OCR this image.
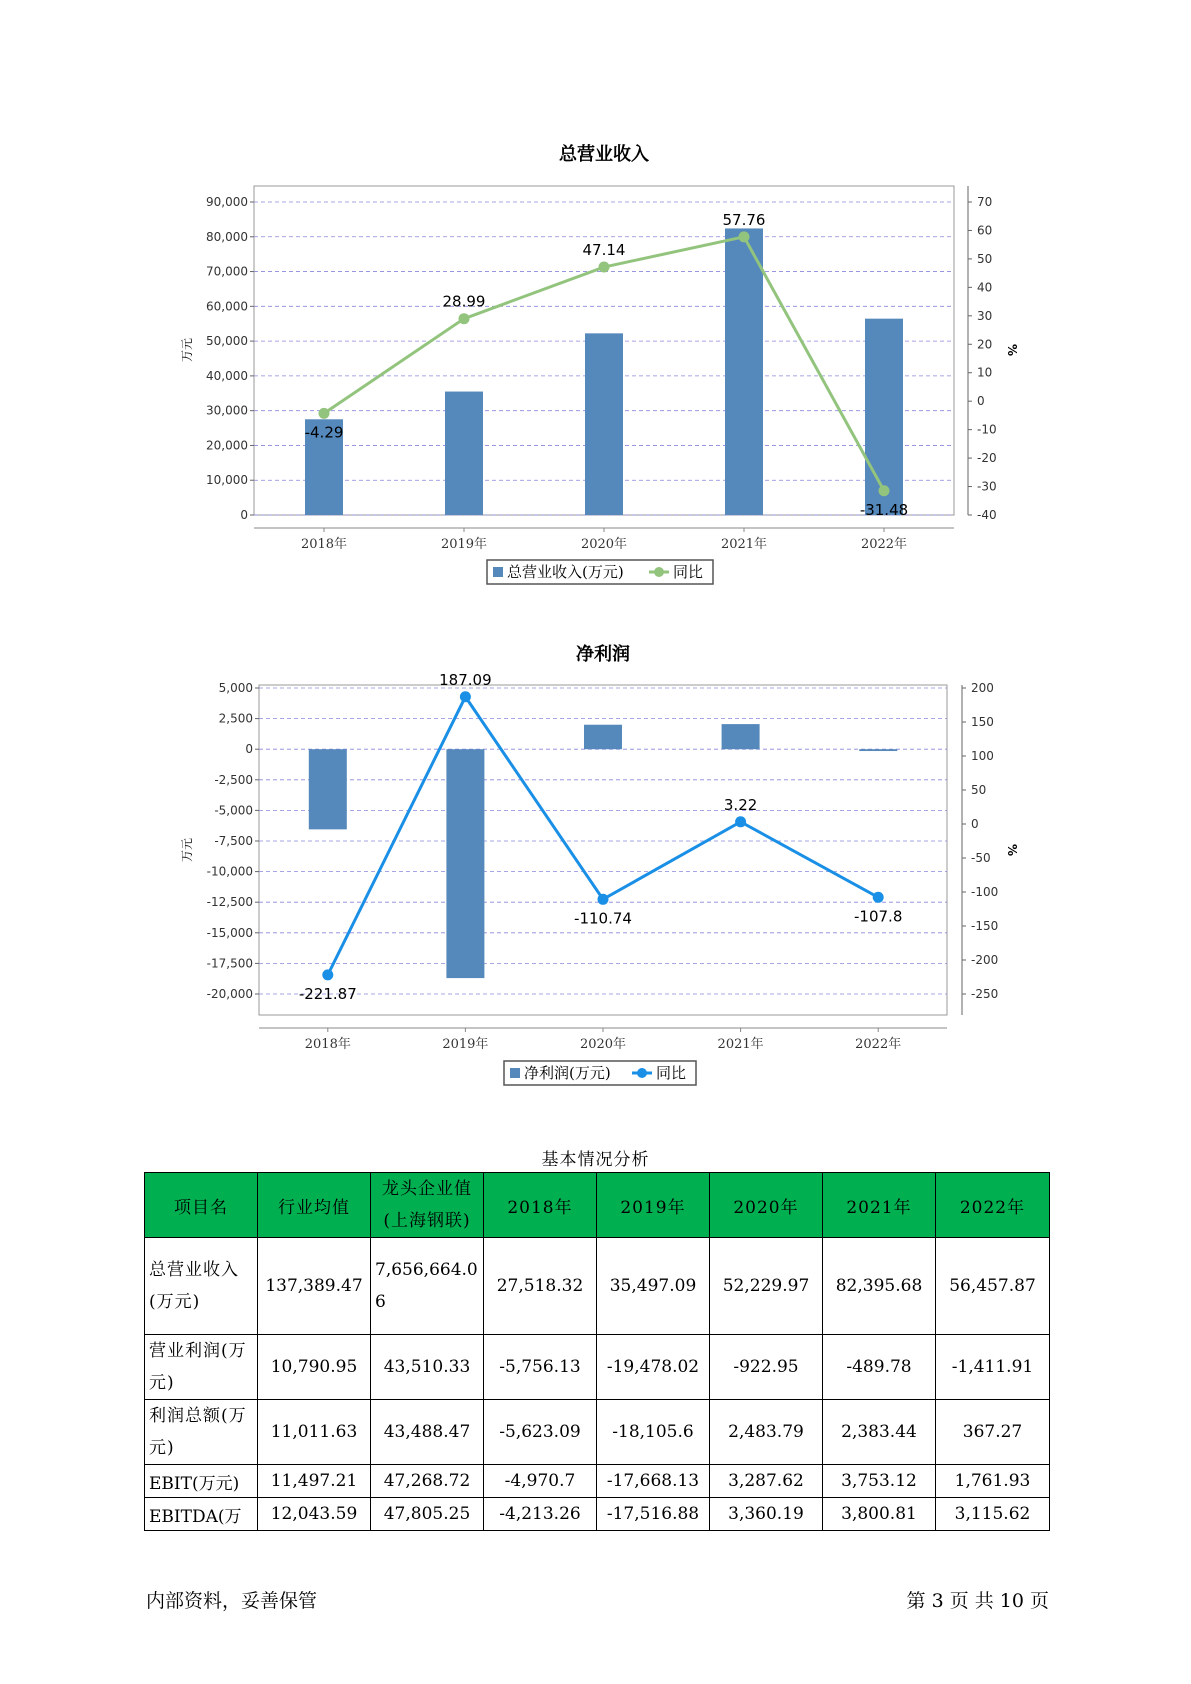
总营业收入
0
10,000
20,000
30,000
40,000
50,000
60,000
70,000
80,000
90,000
-40
-30
-20
-10
0
10
20
30
40
50
60
70
万元	%
2018年	2019年	2020年	2021年	2022年
-4.29
28.99
47.14
57.76
-31.48
总营业收入(万元)	同比
净利润
-20,000
-17,500
-15,000
-12,500
-10,000
-7,500
-5,000
-2,500
0
2,500
5,000
-250
-200
-150
-100
-50
0
50
100
150
200
万元	%
2018年	2019年	2020年	2021年	2022年
-221.87
187.09
-110.74
3.22
-107.8
净利润(万元)	同比
基本情况分析
项目名	行业均值	龙头企业值(上海钢联)	2018年	2019年	2020年	2021年	2022年
总营业收入(万元)	137,389.47	7,656,664.06	27,518.32	35,497.09	52,229.97	82,395.68	56,457.87
营业利润(万元)	10,790.95	43,510.33	-5,756.13	-19,478.02	-922.95	-489.78	-1,411.91
利润总额(万元)	11,011.63	43,488.47	-5,623.09	-18,105.6	2,483.79	2,383.44	367.27
EBIT(万元)	11,497.21	47,268.72	-4,970.7	-17,668.13	3,287.62	3,753.12	1,761.93
EBITDA(万	12,043.59	47,805.25	-4,213.26	-17,516.88	3,360.19	3,800.81	3,115.62
内部资料，妥善保管	第 3 页 共 10 页
